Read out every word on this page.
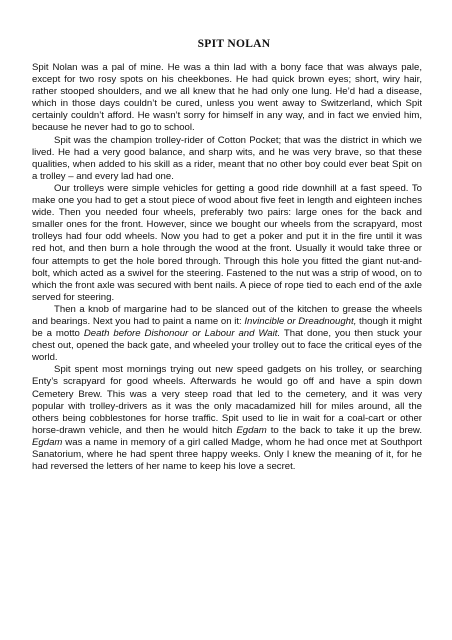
SPIT NOLAN

Spit Nolan was a pal of mine. He was a thin lad with a bony face that was always pale, except for two rosy spots on his cheekbones. He had quick brown eyes; short, wiry hair, rather stooped shoulders, and we all knew that he had only one lung. He’d had a disease, which in those days couldn’t be cured, unless you went away to Switzerland, which Spit certainly couldn’t afford. He wasn’t sorry for himself in any way, and in fact we envied him, because he never had to go to school.

Spit was the champion trolley-rider of Cotton Pocket; that was the district in which we lived. He had a very good balance, and sharp wits, and he was very brave, so that these qualities, when added to his skill as a rider, meant that no other boy could ever beat Spit on a trolley – and every lad had one.

Our trolleys were simple vehicles for getting a good ride downhill at a fast speed. To make one you had to get a stout piece of wood about five feet in length and eighteen inches wide. Then you needed four wheels, preferably two pairs: large ones for the back and smaller ones for the front. However, since we bought our wheels from the scrapyard, most trolleys had four odd wheels. Now you had to get a poker and put it in the fire until it was red hot, and then burn a hole through the wood at the front. Usually it would take three or four attempts to get the hole bored through. Through this hole you fitted the giant nut-and-bolt, which acted as a swivel for the steering. Fastened to the nut was a strip of wood, on to which the front axle was secured with bent nails. A piece of rope tied to each end of the axle served for steering.

Then a knob of margarine had to be slanced out of the kitchen to grease the wheels and bearings. Next you had to paint a name on it: Invincible or Dreadnought, though it might be a motto Death before Dishonour or Labour and Wait. That done, you then stuck your chest out, opened the back gate, and wheeled your trolley out to face the critical eyes of the world.

Spit spent most mornings trying out new speed gadgets on his trolley, or searching Enty’s scrapyard for good wheels. Afterwards he would go off and have a spin down Cemetery Brew. This was a very steep road that led to the cemetery, and it was very popular with trolley-drivers as it was the only macadamized hill for miles around, all the others being cobblestones for horse traffic. Spit used to lie in wait for a coal-cart or other horse-drawn vehicle, and then he would hitch Egdam to the back to take it up the brew. Egdam was a name in memory of a girl called Madge, whom he had once met at Southport Sanatorium, where he had spent three happy weeks. Only I knew the meaning of it, for he had reversed the letters of her name to keep his love a secret.
